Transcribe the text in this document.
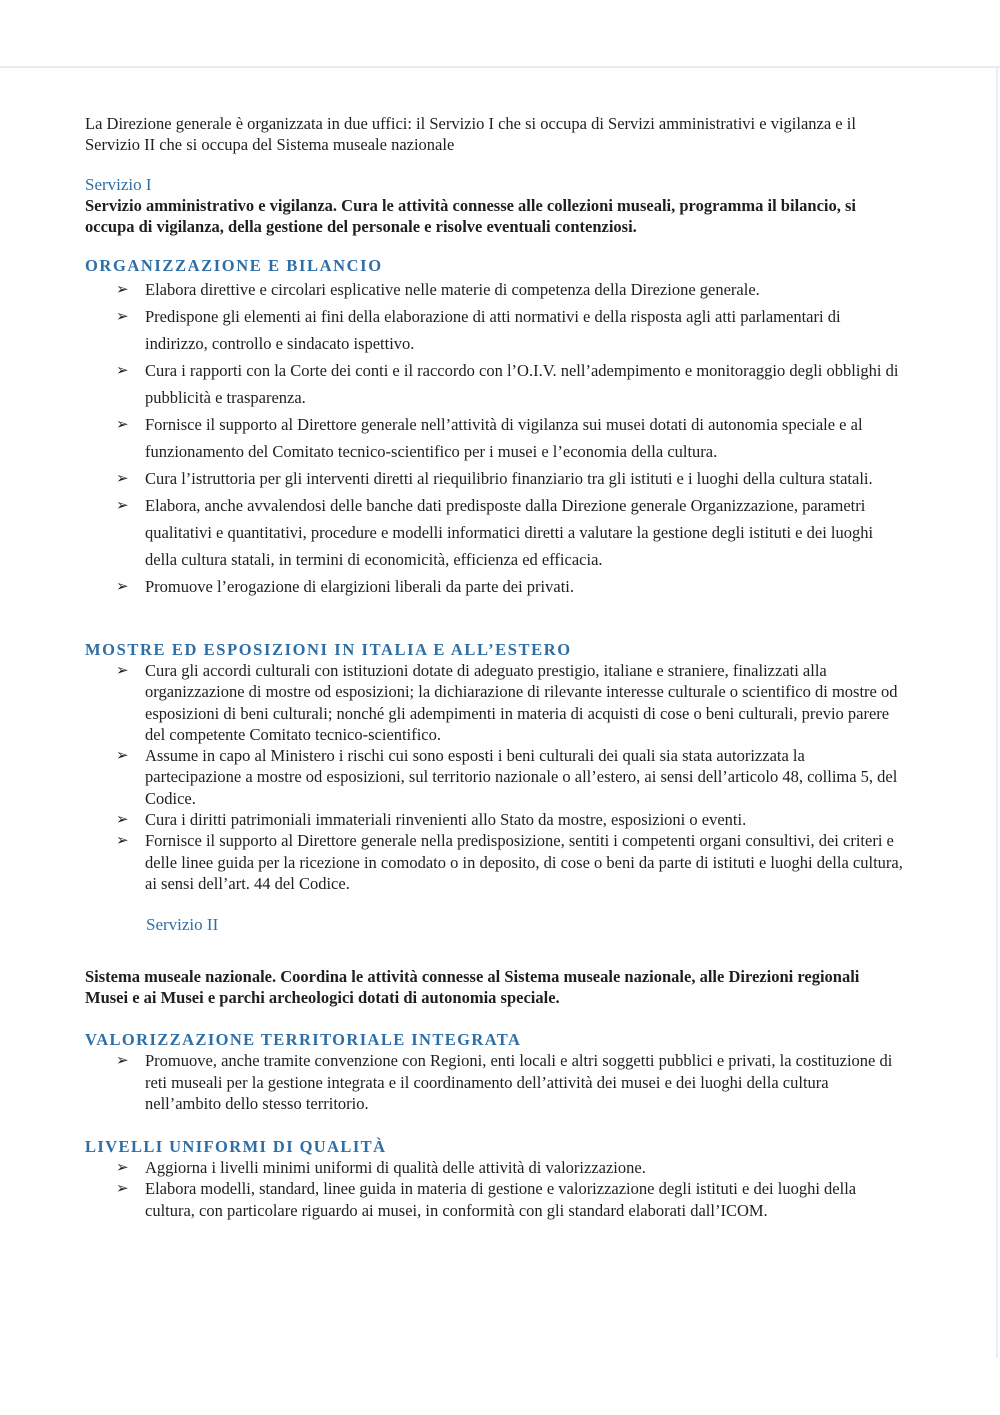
La Direzione generale è organizzata in due uffici: il Servizio I che si occupa di Servizi amministrativi e vigilanza e il Servizio II che si occupa del Sistema museale nazionale

Servizio I

Servizio amministrativo e vigilanza. Cura le attività connesse alle collezioni museali, programma il bilancio, si occupa di vigilanza, della gestione del personale e risolve eventuali contenziosi.

ORGANIZZAZIONE E BILANCIO
➢ Elabora direttive e circolari esplicative nelle materie di competenza della Direzione generale.
➢ Predispone gli elementi ai fini della elaborazione di atti normativi e della risposta agli atti parlamentari di indirizzo, controllo e sindacato ispettivo.
➢ Cura i rapporti con la Corte dei conti e il raccordo con l’O.I.V. nell’adempimento e monitoraggio degli obblighi di pubblicità e trasparenza.
➢ Fornisce il supporto al Direttore generale nell’attività di vigilanza sui musei dotati di autonomia speciale e al funzionamento del Comitato tecnico-scientifico per i musei e l’economia della cultura.
➢ Cura l’istruttoria per gli interventi diretti al riequilibrio finanziario tra gli istituti e i luoghi della cultura statali.
➢ Elabora, anche avvalendosi delle banche dati predisposte dalla Direzione generale Organizzazione, parametri qualitativi e quantitativi, procedure e modelli informatici diretti a valutare la gestione degli istituti e dei luoghi della cultura statali, in termini di economicità, efficienza ed efficacia.
➢ Promuove l’erogazione di elargizioni liberali da parte dei privati.
MOSTRE ED ESPOSIZIONI IN ITALIA E ALL’ESTERO
➢ Cura gli accordi culturali con istituzioni dotate di adeguato prestigio, italiane e straniere, finalizzati alla organizzazione di mostre od esposizioni; la dichiarazione di rilevante interesse culturale o scientifico di mostre od esposizioni di beni culturali; nonché gli adempimenti in materia di acquisti di cose o beni culturali, previo parere del competente Comitato tecnico-scientifico.
➢ Assume in capo al Ministero i rischi cui sono esposti i beni culturali dei quali sia stata autorizzata la partecipazione a mostre od esposizioni, sul territorio nazionale o all’estero, ai sensi dell’articolo 48, collima 5, del Codice.
➢ Cura i diritti patrimoniali immateriali rinvenienti allo Stato da mostre, esposizioni o eventi.
➢ Fornisce il supporto al Direttore generale nella predisposizione, sentiti i competenti organi consultivi, dei criteri e delle linee guida per la ricezione in comodato o in deposito, di cose o beni da parte di istituti e luoghi della cultura, ai sensi dell’art. 44 del Codice.

Servizio II

Sistema museale nazionale. Coordina le attività connesse al Sistema museale nazionale, alle Direzioni regionali Musei e ai Musei e parchi archeologici dotati di autonomia speciale.

VALORIZZAZIONE TERRITORIALE INTEGRATA
➢ Promuove, anche tramite convenzione con Regioni, enti locali e altri soggetti pubblici e privati, la costituzione di reti museali per la gestione integrata e il coordinamento dell’attività dei musei e dei luoghi della cultura nell’ambito dello stesso territorio.
LIVELLI UNIFORMI DI QUALITÀ
➢ Aggiorna i livelli minimi uniformi di qualità delle attività di valorizzazione.
➢ Elabora modelli, standard, linee guida in materia di gestione e valorizzazione degli istituti e dei luoghi della cultura, con particolare riguardo ai musei, in conformità con gli standard elaborati dall’ICOM.
